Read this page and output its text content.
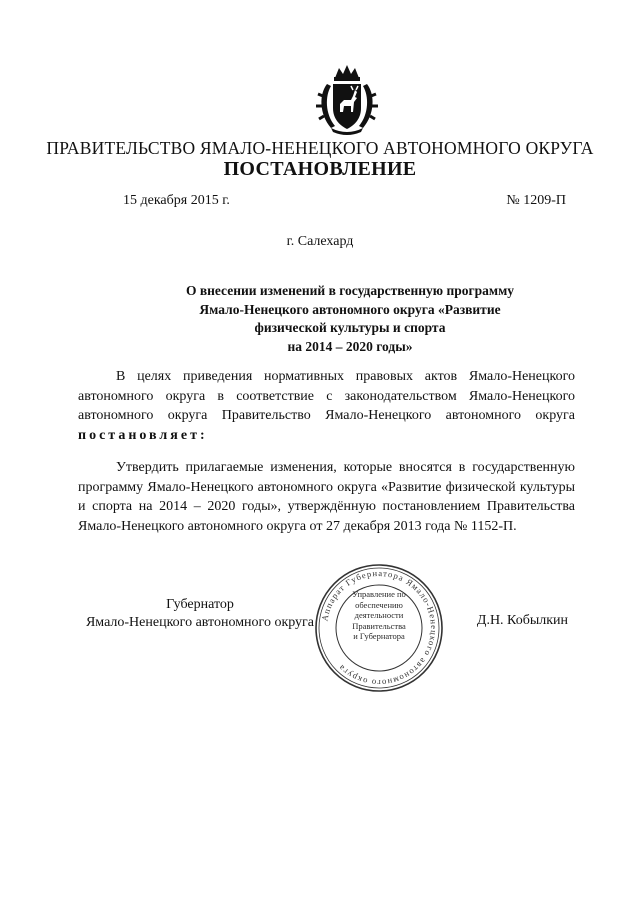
ПРАВИТЕЛЬСТВО ЯМАЛО-НЕНЕЦКОГО АВТОНОМНОГО ОКРУГА
ПОСТАНОВЛЕНИЕ
15 декабря 2015 г.	№ 1209-П
г. Салехард
О внесении изменений в государственную программу
Ямало-Ненецкого автономного округа «Развитие
физической культуры и спорта
на 2014 – 2020 годы»
В целях приведения нормативных правовых актов Ямало-Ненецкого автономного округа в соответствие с законодательством Ямало-Ненецкого автономного округа Правительство Ямало-Ненецкого автономного округа постановляет:
Утвердить прилагаемые изменения, которые вносятся в государственную программу Ямало-Ненецкого автономного округа «Развитие физической культуры и спорта на 2014 – 2020 годы», утверждённую постановлением Правительства Ямало-Ненецкого автономного округа от 27 декабря 2013 года № 1152-П.
Аппарат Губернатора Ямало-Ненецкого автономного округа
Управление по
обеспечению
деятельности
Правительства
и Губернатора
Губернатор
Ямало-Ненецкого автономного округа	Д.Н. Кобылкин
